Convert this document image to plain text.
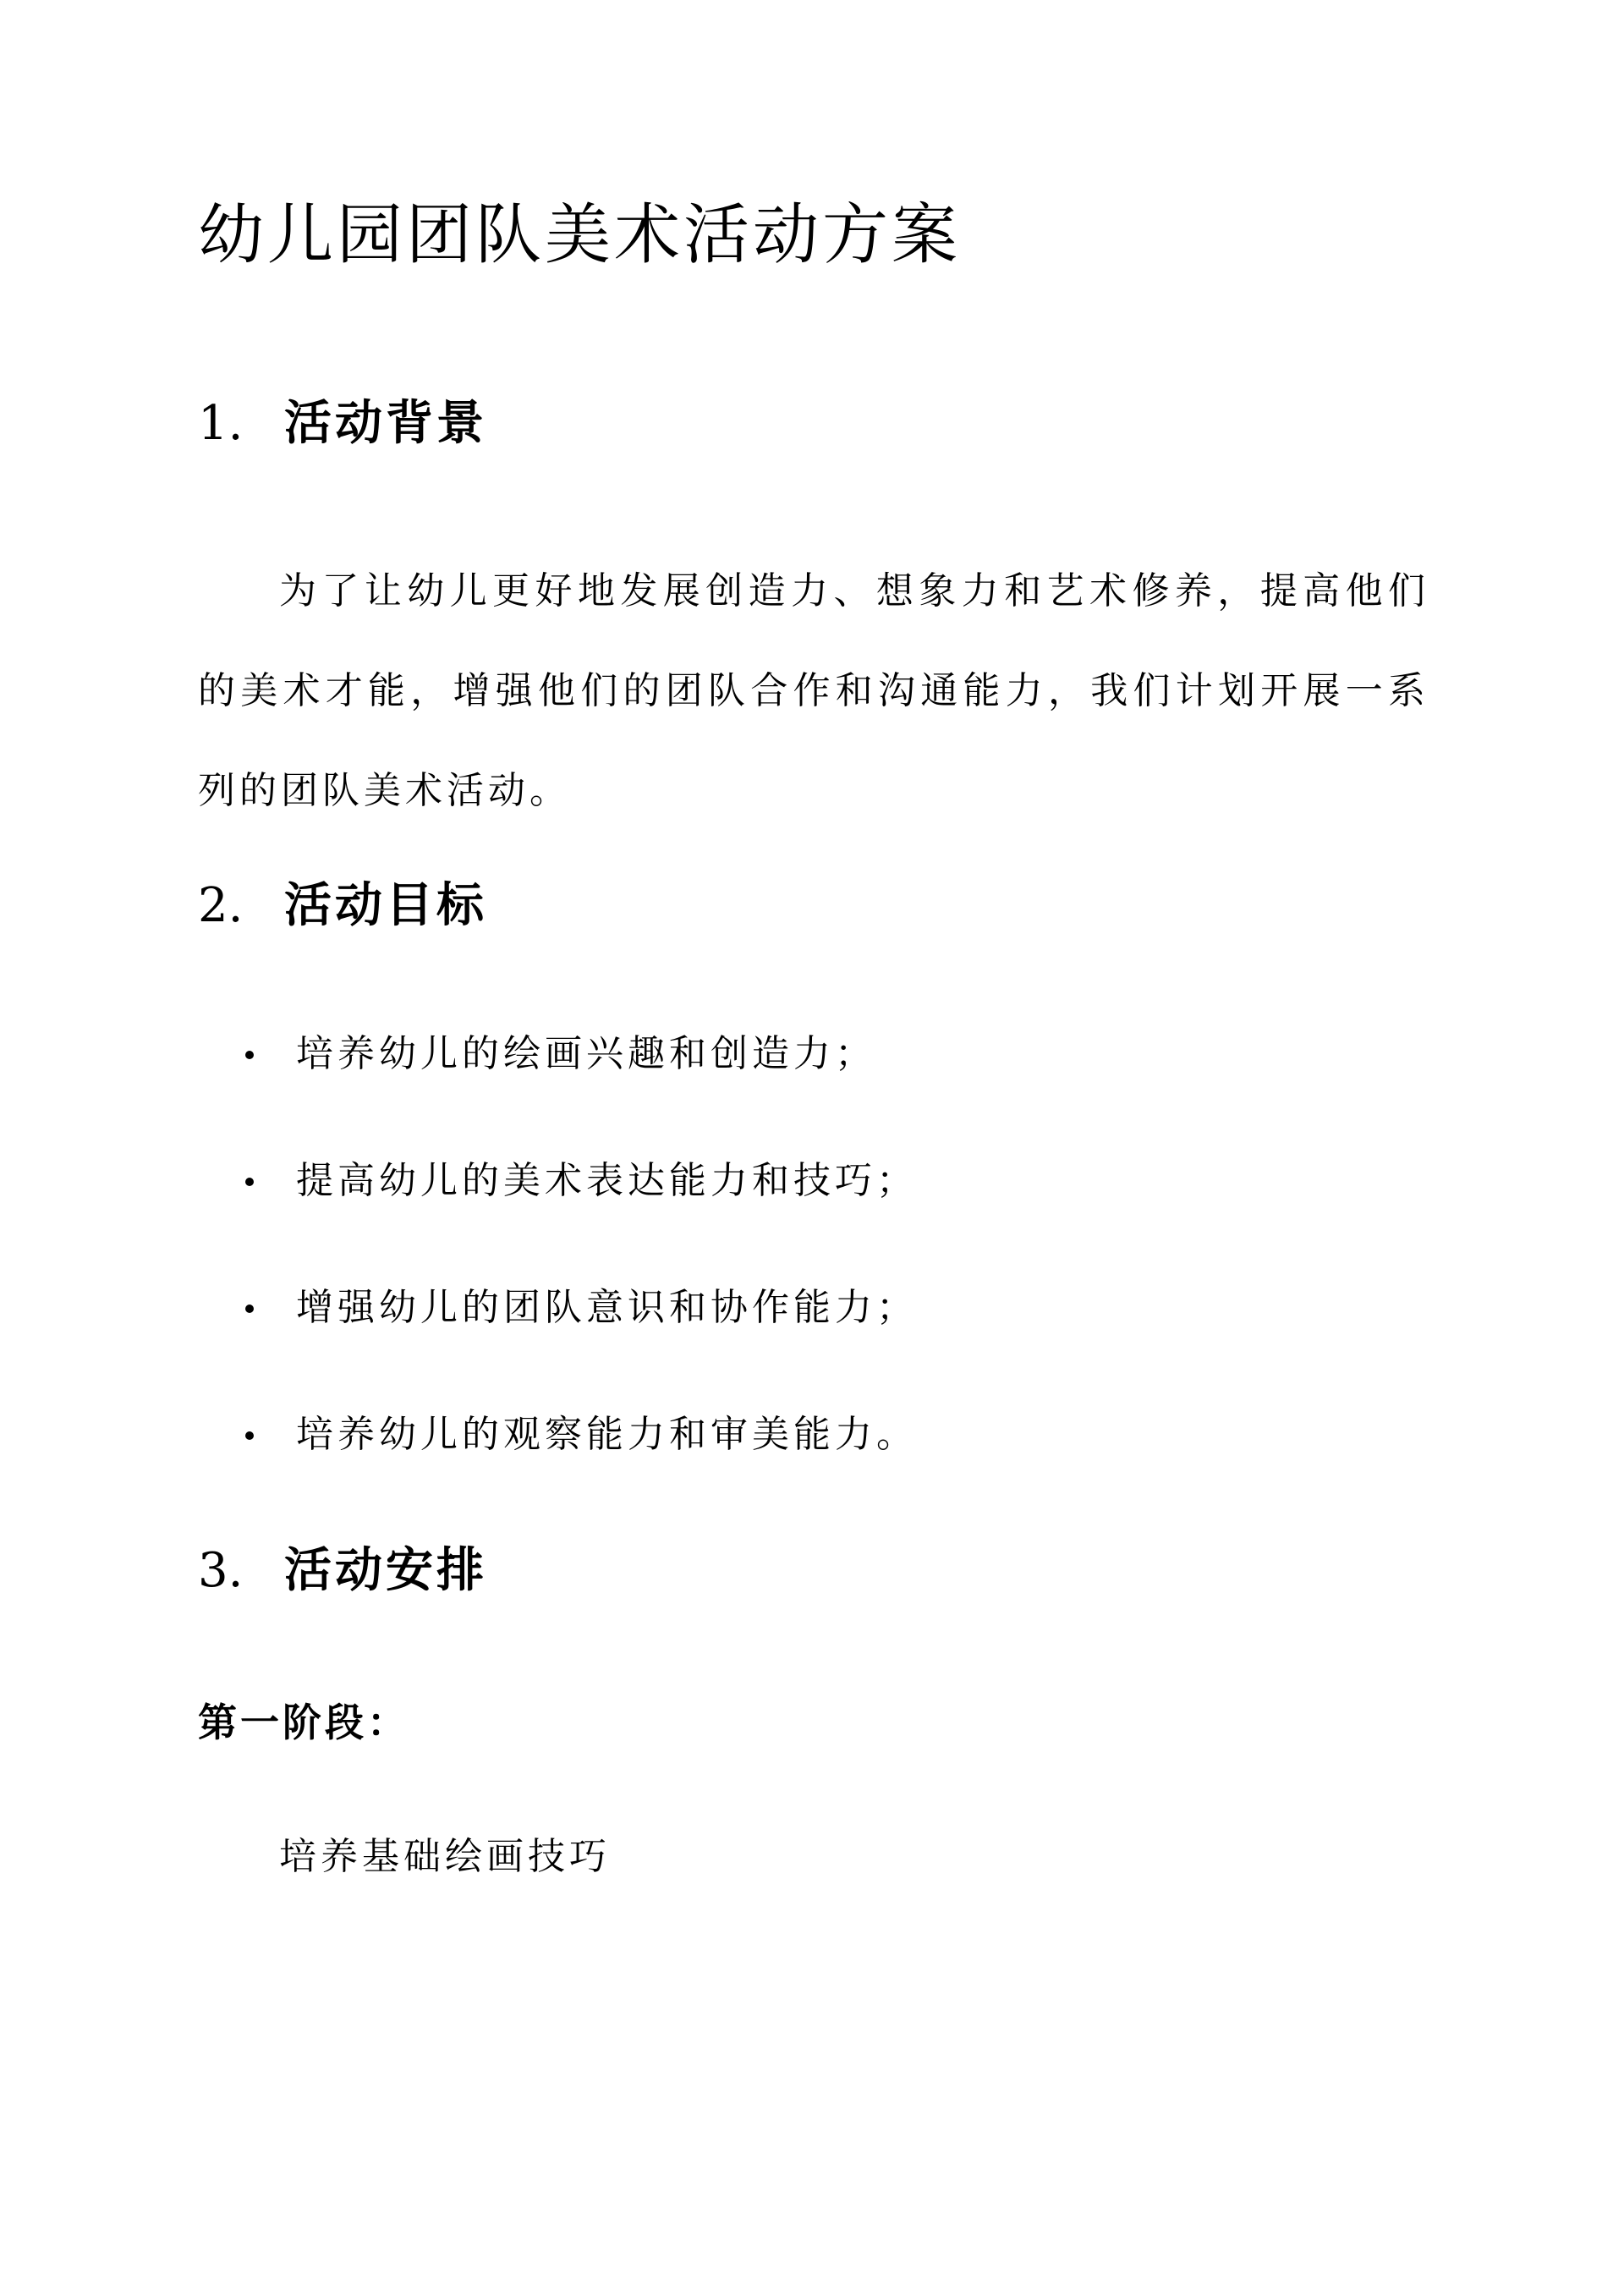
幼儿园团队美术活动方案
1. 活动背景

为了让幼儿更好地发展创造力、想象力和艺术修养，提高他们的美术才能，增强他们的团队合作和沟通能力，我们计划开展一系列的团队美术活动。

2. 活动目标
培养幼儿的绘画兴趣和创造力；
提高幼儿的美术表达能力和技巧；
增强幼儿的团队意识和协作能力；
培养幼儿的观察能力和审美能力。
3. 活动安排

第一阶段：

培养基础绘画技巧
